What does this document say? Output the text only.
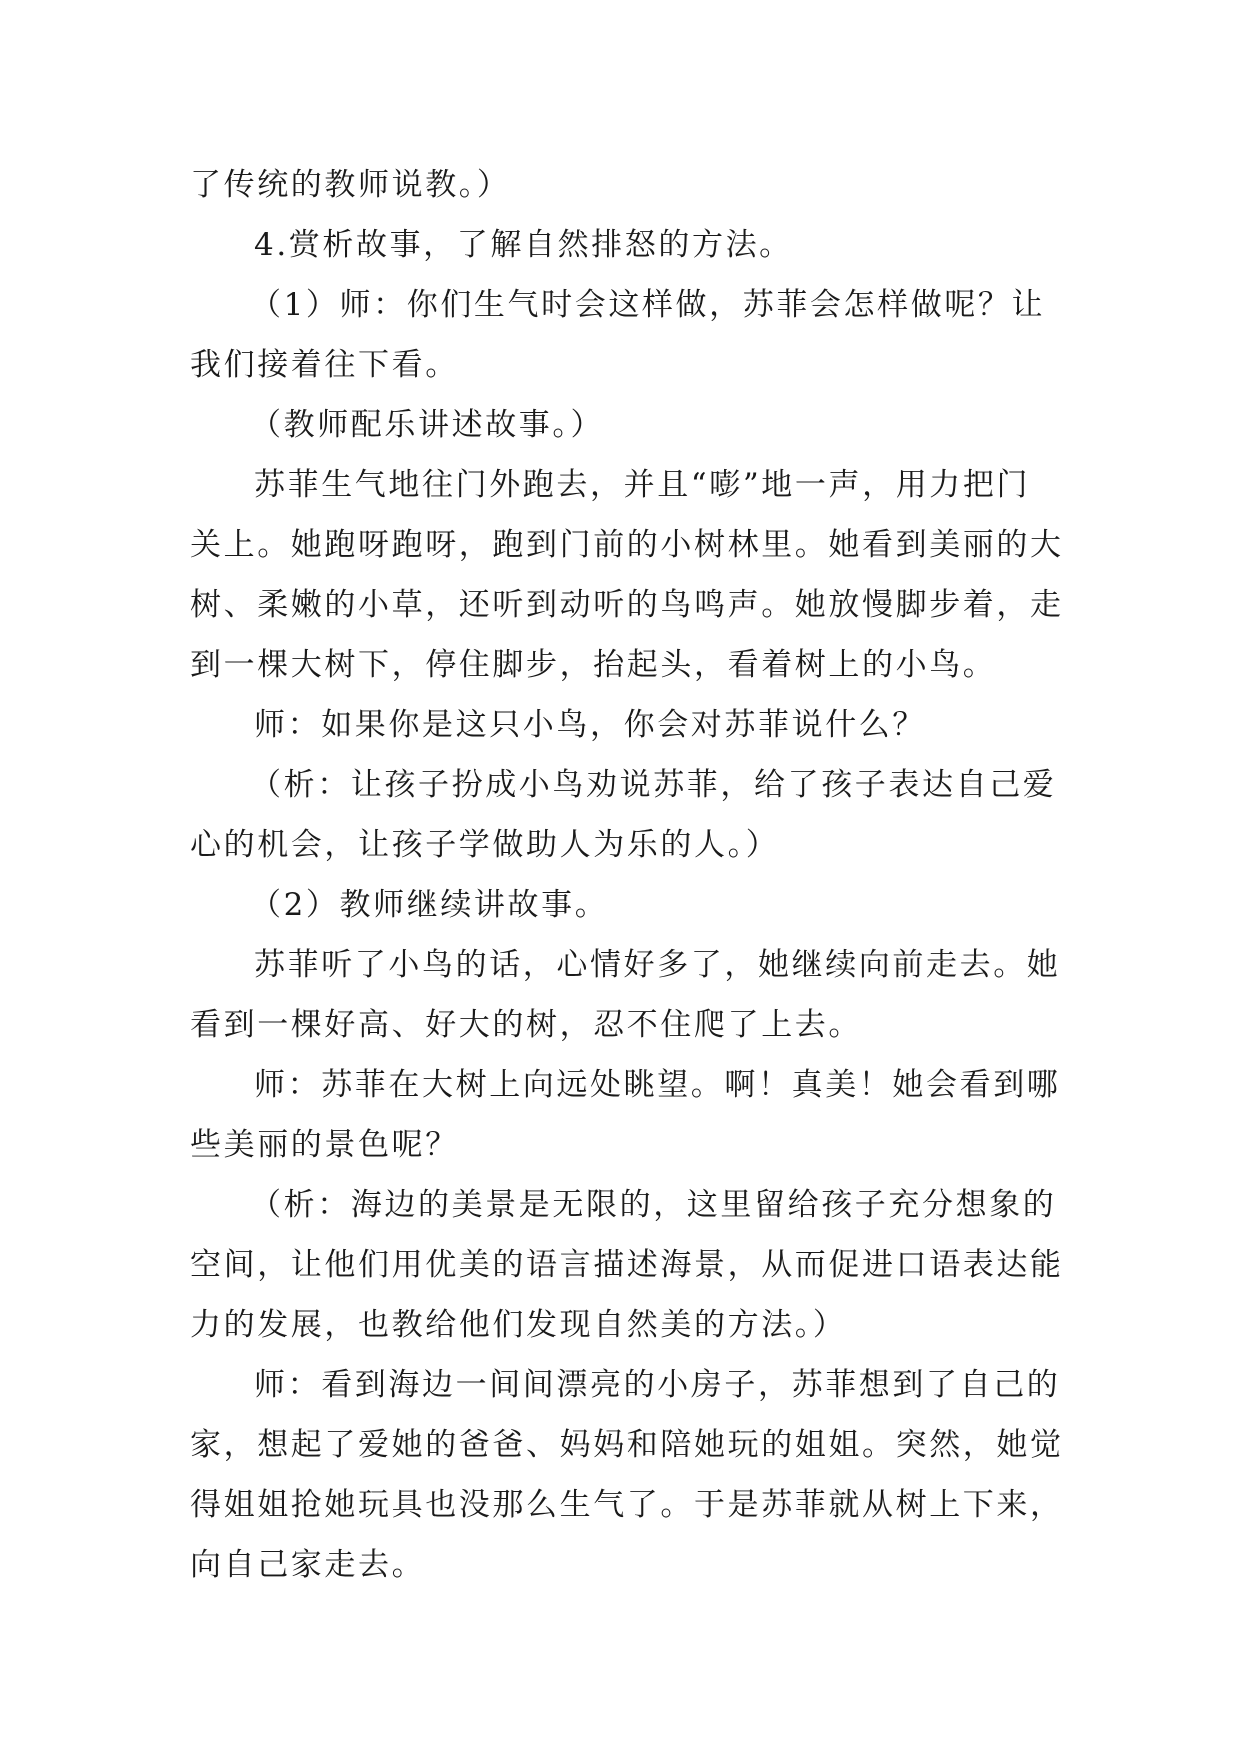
了传统的教师说教。）
4.赏析故事，了解自然排怒的方法。
（1）师：你们生气时会这样做，苏菲会怎样做呢？让
我们接着往下看。
（教师配乐讲述故事。）
苏菲生气地往门外跑去，并且“嘭”地一声，用力把门
关上。她跑呀跑呀，跑到门前的小树林里。她看到美丽的大
树、柔嫩的小草，还听到动听的鸟鸣声。她放慢脚步着，走
到一棵大树下，停住脚步，抬起头，看着树上的小鸟。
师：如果你是这只小鸟，你会对苏菲说什么？
（析：让孩子扮成小鸟劝说苏菲，给了孩子表达自己爱
心的机会，让孩子学做助人为乐的人。）
（2）教师继续讲故事。
苏菲听了小鸟的话，心情好多了，她继续向前走去。她
看到一棵好高、好大的树，忍不住爬了上去。
师：苏菲在大树上向远处眺望。啊！真美！她会看到哪
些美丽的景色呢？
（析：海边的美景是无限的，这里留给孩子充分想象的
空间，让他们用优美的语言描述海景，从而促进口语表达能
力的发展，也教给他们发现自然美的方法。）
师：看到海边一间间漂亮的小房子，苏菲想到了自己的
家，想起了爱她的爸爸、妈妈和陪她玩的姐姐。突然，她觉
得姐姐抢她玩具也没那么生气了。于是苏菲就从树上下来，
向自己家走去。
